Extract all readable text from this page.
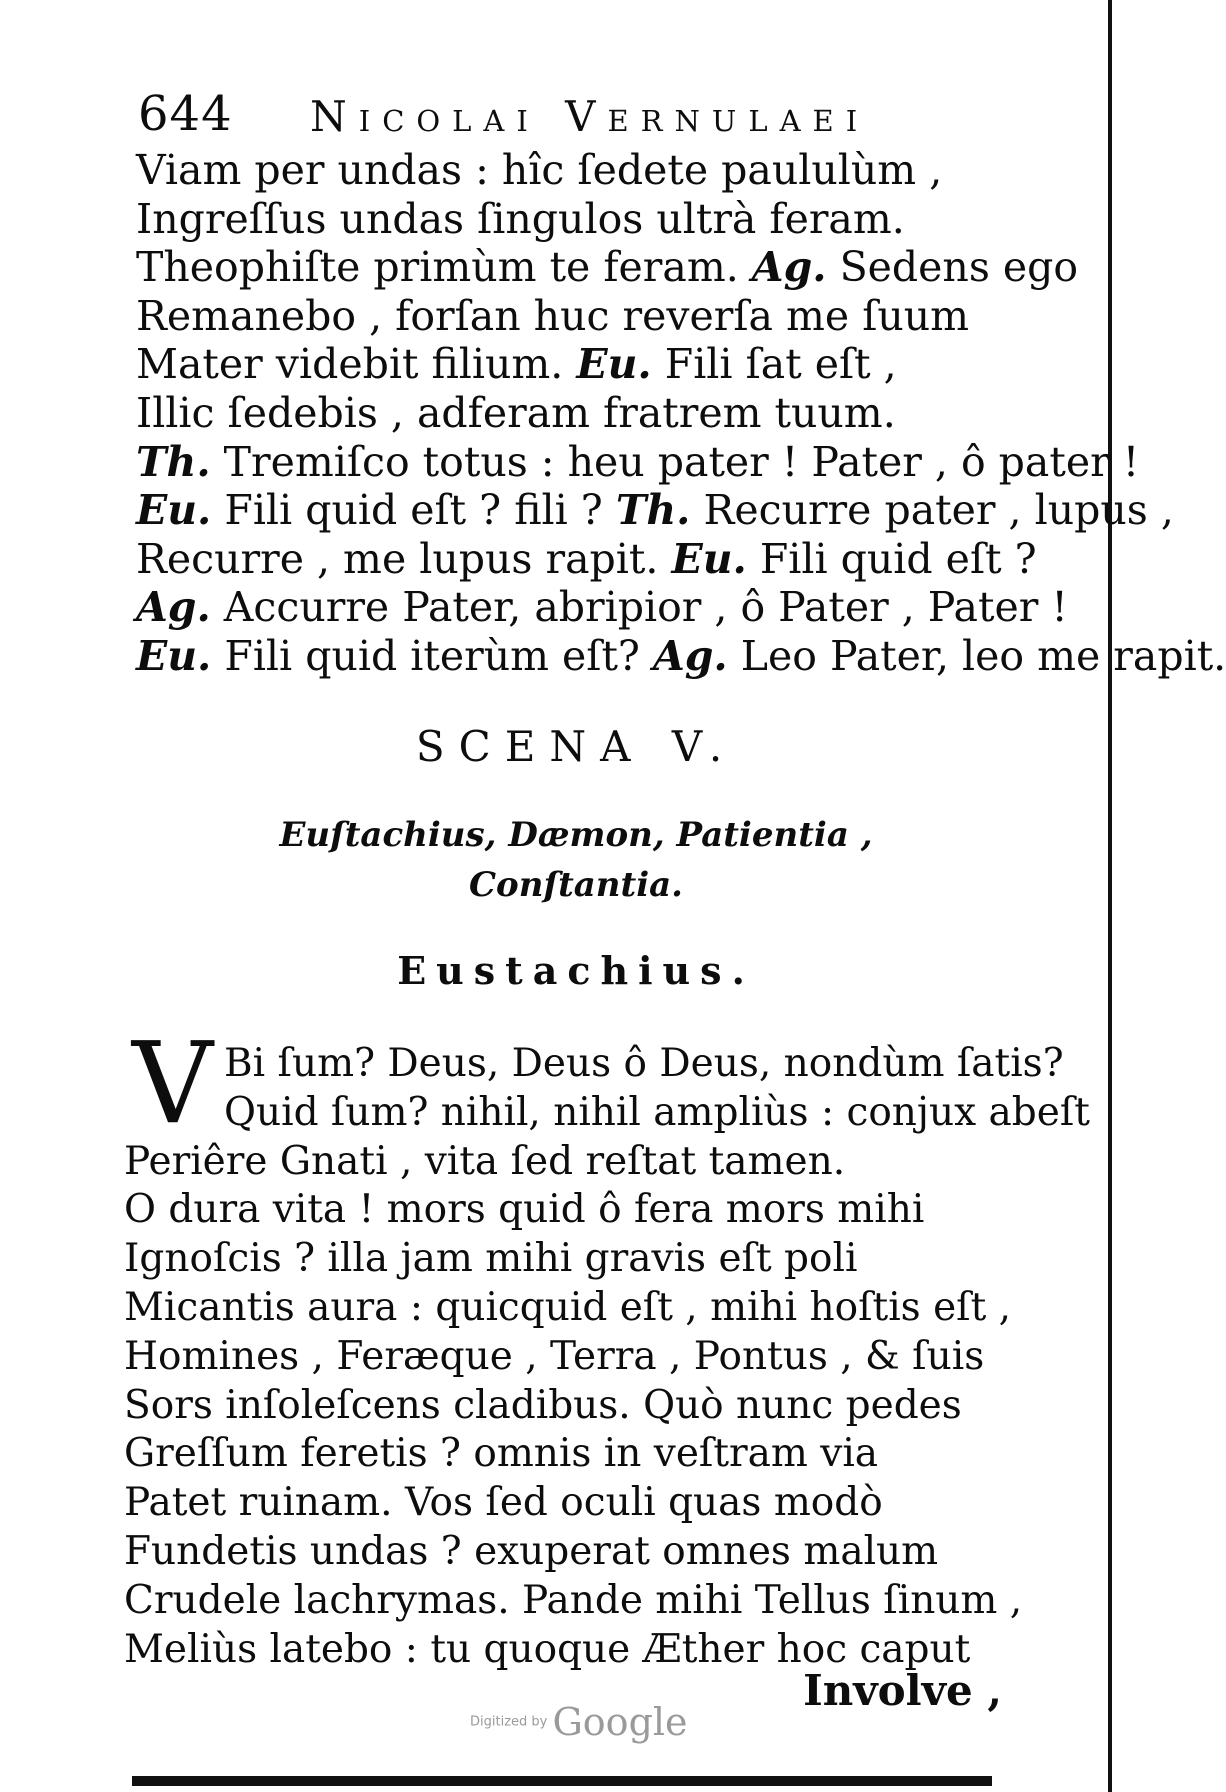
644 Nicolai Vernulaei
Viam per undas : hîc ſedete paululùm ,
Ingreſſus undas ſingulos ultrà feram.
Theophiſte primùm te feram. Ag. Sedens ego
Remanebo , forſan huc reverſa me ſuum
Mater videbit filium. Eu. Fili ſat eſt ,
Illic ſedebis , adferam fratrem tuum.
Th. Tremiſco totus : heu pater ! Pater , ô pater !
Eu. Fili quid eſt ? fili ? Th. Recurre pater , lupus ,
Recurre , me lupus rapit. Eu. Fili quid eſt ?
Ag. Accurre Pater, abripior , ô Pater , Pater !
Eu. Fili quid iterùm eſt? Ag. Leo Pater, leo me rapit.
SCENA V.
Euſtachius, Dæmon, Patientia ,
Conſtantia.
Eustachius.
V Bi ſum? Deus, Deus ô Deus, nondùm ſatis?
Quid ſum? nihil, nihil ampliùs : conjux abeſt
Periêre Gnati , vita ſed reſtat tamen.
O dura vita ! mors quid ô fera mors mihi
Ignoſcis ? illa jam mihi gravis eſt poli
Micantis aura : quicquid eſt , mihi hoſtis eſt ,
Homines , Feræque , Terra , Pontus , & ſuis
Sors inſoleſcens cladibus. Quò nunc pedes
Greſſum feretis ? omnis in veſtram via
Patet ruinam. Vos ſed oculi quas modò
Fundetis undas ? exuperat omnes malum
Crudele lachrymas. Pande mihi Tellus ſinum ,
Meliùs latebo : tu quoque Æther hoc caput
Involve ,
Digitized by Google
